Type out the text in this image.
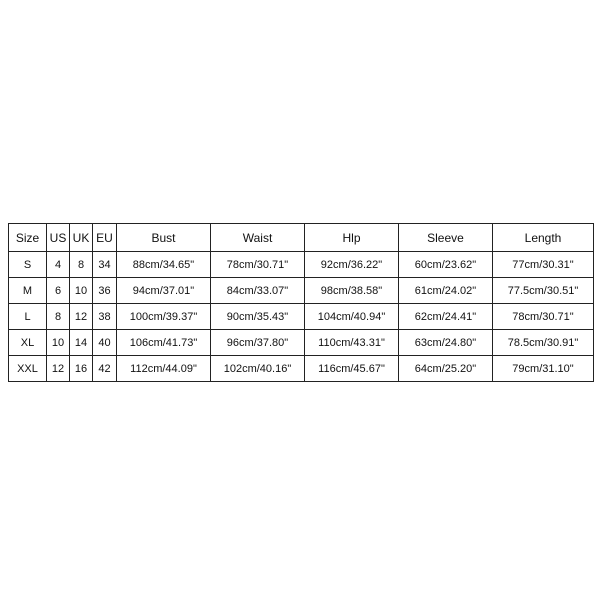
Size	US	UK	EU	Bust	Waist	Hlp	Sleeve	Length
S	4	8	34	88cm/34.65"	78cm/30.71"	92cm/36.22"	60cm/23.62"	77cm/30.31"
M	6	10	36	94cm/37.01"	84cm/33.07"	98cm/38.58"	61cm/24.02"	77.5cm/30.51"
L	8	12	38	100cm/39.37"	90cm/35.43"	104cm/40.94"	62cm/24.41"	78cm/30.71"
XL	10	14	40	106cm/41.73"	96cm/37.80"	110cm/43.31"	63cm/24.80"	78.5cm/30.91"
XXL	12	16	42	112cm/44.09"	102cm/40.16"	116cm/45.67"	64cm/25.20"	79cm/31.10"
